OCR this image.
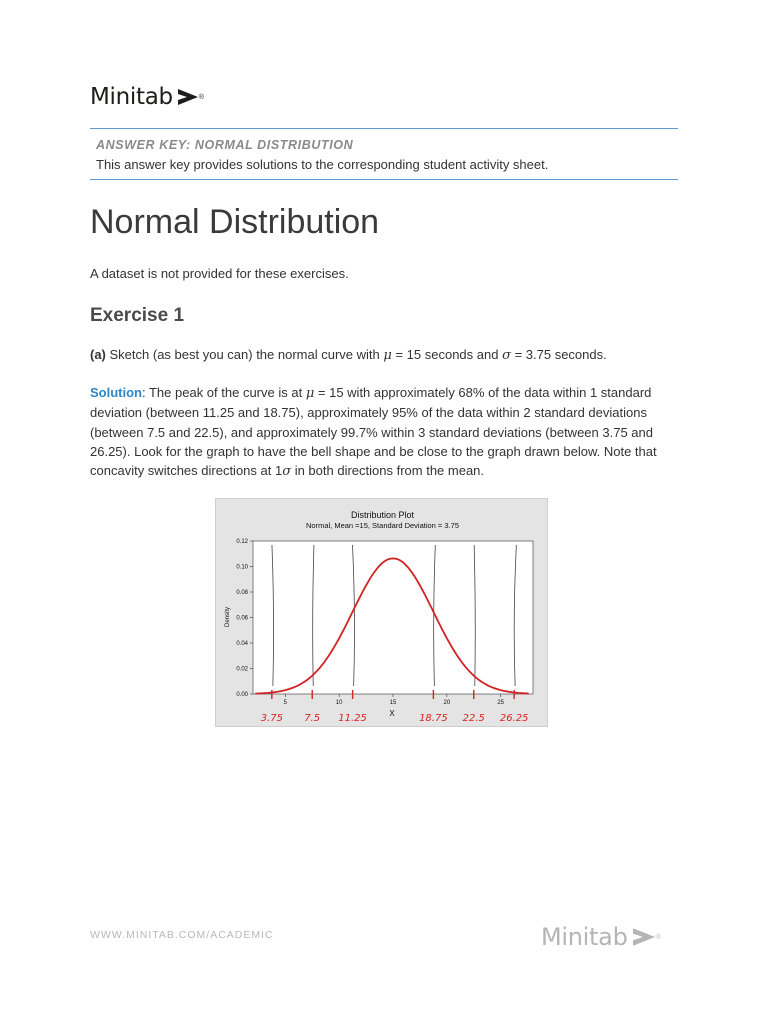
Minitab	®
ANSWER KEY: NORMAL DISTRIBUTION
This answer key provides solutions to the corresponding student activity sheet.
Normal Distribution
A dataset is not provided for these exercises.
Exercise 1
(a) Sketch (as best you can) the normal curve with μ = 15 seconds and σ = 3.75 seconds.
Solution: The peak of the curve is at μ = 15 with approximately 68% of the data within 1 standard deviation (between 11.25 and 18.75), approximately 95% of the data within 2 standard deviations (between 7.5 and 22.5), and approximately 99.7% within 3 standard deviations (between 3.75 and 26.25). Look for the graph to have the bell shape and be close to the graph drawn below. Note that concavity switches directions at 1σ in both directions from the mean.
Distribution Plot
Normal, Mean =15, Standard Deviation = 3.75
Density
X
0.00
0.02
0.04
0.06
0.08
0.10
0.12
5	10	15	20	25
3.75 7.5 11.25	18.75 22.5 26.25
WWW.MINITAB.COM/ACADEMIC	Minitab	®
